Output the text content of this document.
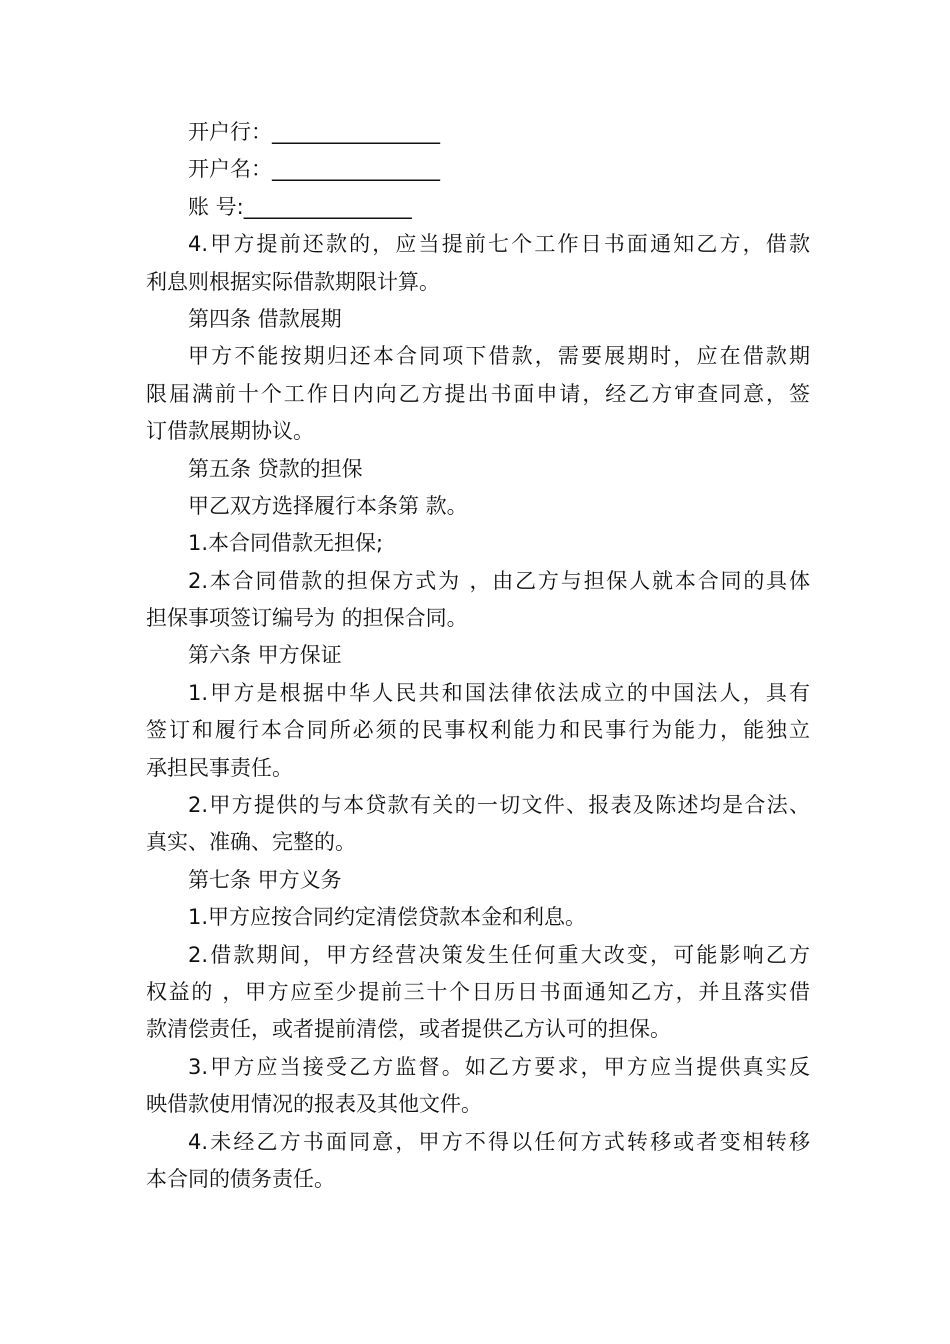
开户行：________________
开户名：________________
账 号:________________
4.甲方提前还款的，应当提前七个工作日书面通知乙方，借款
利息则根据实际借款期限计算。
第四条 借款展期
甲方不能按期归还本合同项下借款，需要展期时，应在借款期
限届满前十个工作日内向乙方提出书面申请，经乙方审查同意，签
订借款展期协议。
第五条 贷款的担保
甲乙双方选择履行本条第 款。
1.本合同借款无担保;
2.本合同借款的担保方式为 ，由乙方与担保人就本合同的具体
担保事项签订编号为 的担保合同。
第六条 甲方保证
1.甲方是根据中华人民共和国法律依法成立的中国法人，具有
签订和履行本合同所必须的民事权利能力和民事行为能力，能独立
承担民事责任。
2.甲方提供的与本贷款有关的一切文件、报表及陈述均是合法、
真实、准确、完整的。
第七条 甲方义务
1.甲方应按合同约定清偿贷款本金和利息。
2.借款期间，甲方经营决策发生任何重大改变，可能影响乙方
权益的 ，甲方应至少提前三十个日历日书面通知乙方，并且落实借
款清偿责任，或者提前清偿，或者提供乙方认可的担保。
3.甲方应当接受乙方监督。如乙方要求，甲方应当提供真实反
映借款使用情况的报表及其他文件。
4.未经乙方书面同意，甲方不得以任何方式转移或者变相转移
本合同的债务责任。
